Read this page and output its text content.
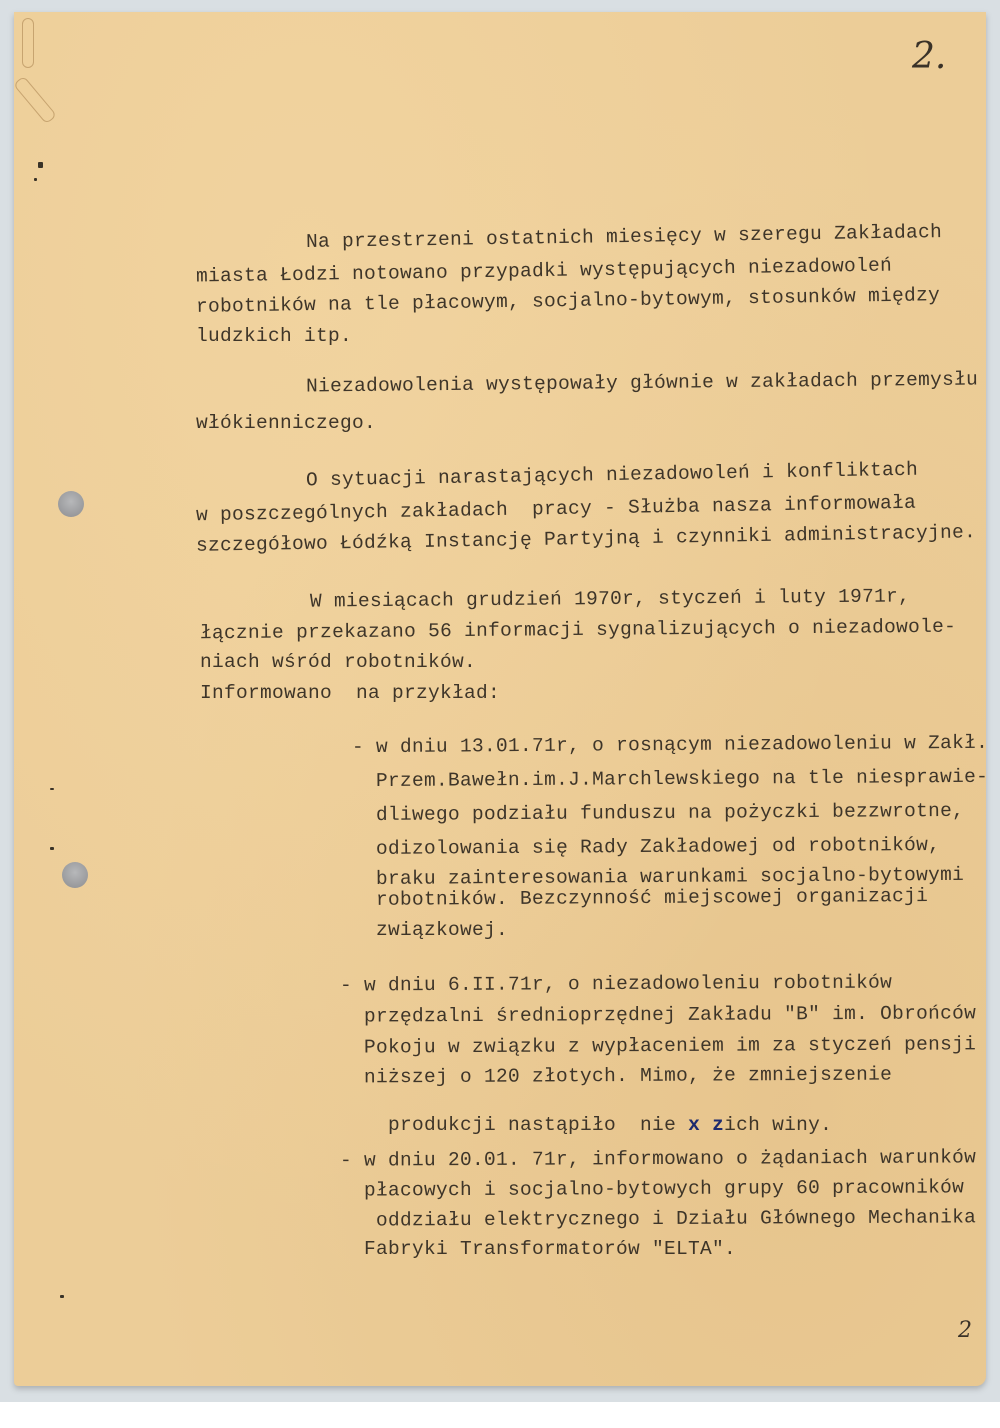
2.
2
Na przestrzeni ostatnich miesięcy w szeregu Zakładach
miasta Łodzi notowano przypadki występujących niezadowoleń
robotników na tle płacowym, socjalno-bytowym, stosunków między
ludzkich itp.
Niezadowolenia występowały głównie w zakładach przemysłu
włókienniczego.
O sytuacji narastających niezadowoleń i konfliktach
w poszczególnych zakładach  pracy - Służba nasza informowała
szczegółowo Łódźką Instancję Partyjną i czynniki administracyjne.
W miesiącach grudzień 1970r, styczeń i luty 1971r,
łącznie przekazano 56 informacji sygnalizujących o niezadowole-
niach wśród robotników.
Informowano  na przykład:
- w dniu 13.01.71r, o rosnącym niezadowoleniu w Zakł.
Przem.Bawełn.im.J.Marchlewskiego na tle niesprawie-
dliwego podziału funduszu na pożyczki bezzwrotne,
odizolowania się Rady Zakładowej od robotników,
braku zainteresowania warunkami socjalno-bytowymi
robotników. Bezczynność miejscowej organizacji
związkowej.
- w dniu 6.II.71r, o niezadowoleniu robotników
przędzalni średnioprzędnej Zakładu "B" im. Obrońców
Pokoju w związku z wypłaceniem im za styczeń pensji
niższej o 120 złotych. Mimo, że zmniejszenie

produkcji nastąpiło  nie x zich winy.

- w dniu 20.01. 71r, informowano o żądaniach warunków
płacowych i socjalno-bytowych grupy 60 pracowników
oddziału elektrycznego i Działu Głównego Mechanika
Fabryki Transformatorów "ELTA".
